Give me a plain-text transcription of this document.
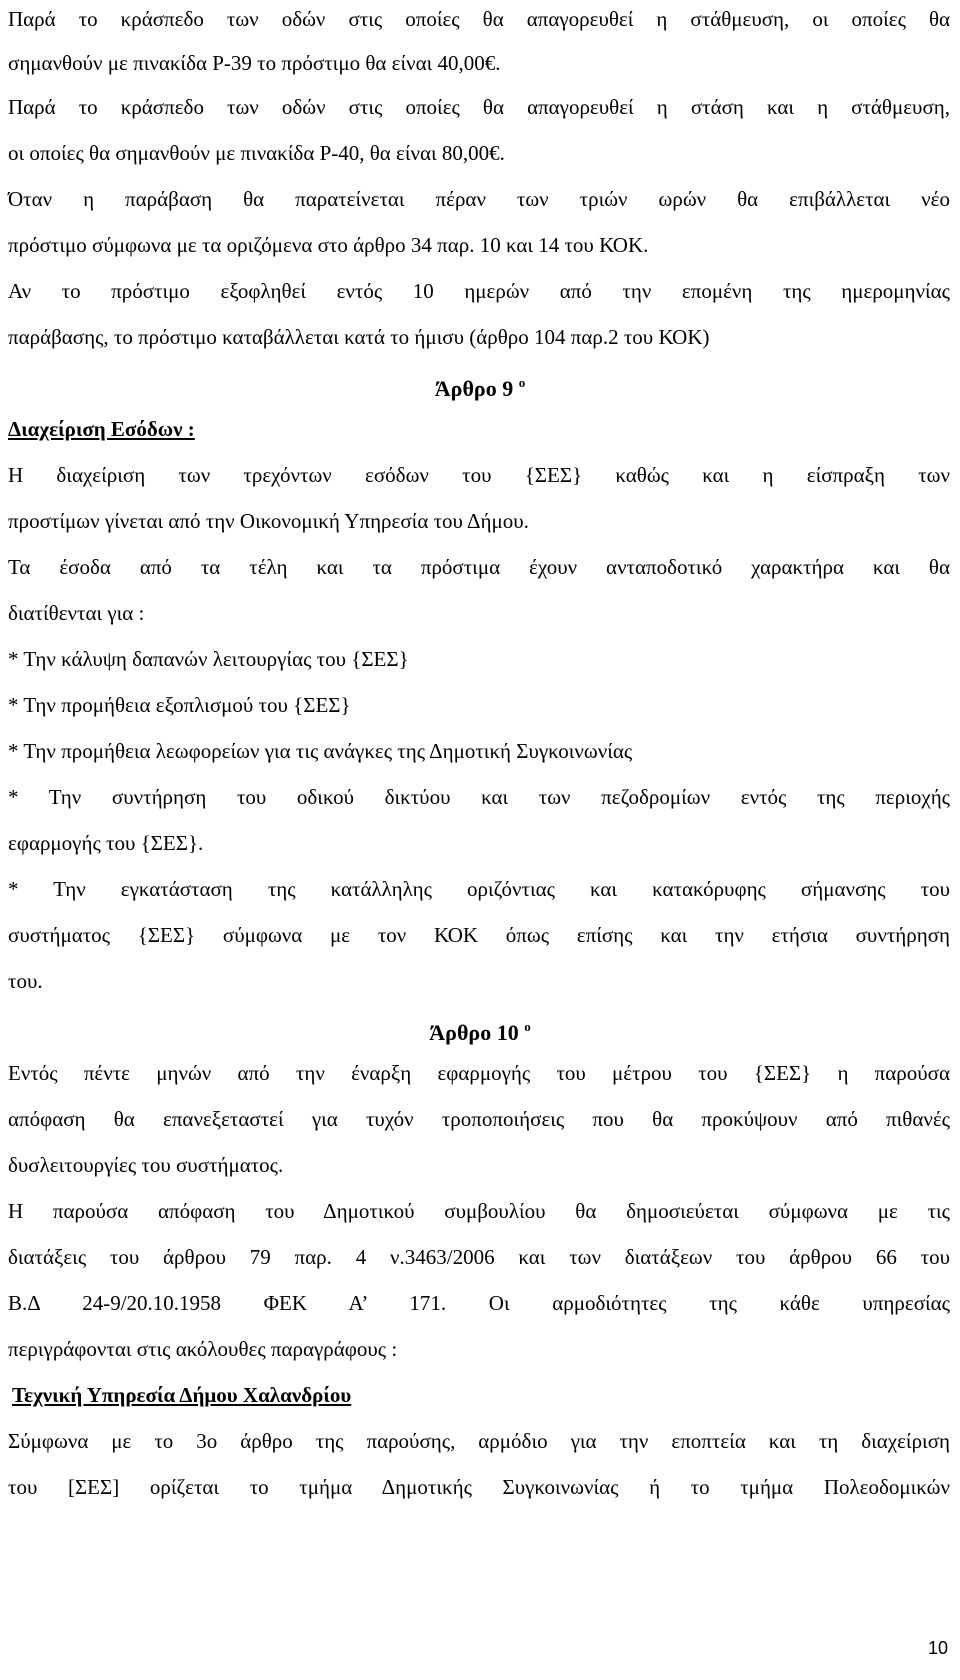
Παρά το κράσπεδο των οδών στις οποίες θα απαγορευθεί η στάθμευση, οι οποίες θα
σημανθούν με πινακίδα Ρ-39 το πρόστιμο θα είναι 40,00€.
Παρά το κράσπεδο των οδών στις οποίες θα απαγορευθεί η στάση και η στάθμευση,
οι οποίες θα σημανθούν με πινακίδα Ρ-40, θα είναι 80,00€.
Όταν η παράβαση θα παρατείνεται πέραν των τριών ωρών θα επιβάλλεται νέο
πρόστιμο σύμφωνα με τα οριζόμενα στο άρθρο 34 παρ. 10 και 14 του ΚΟΚ.
Αν το πρόστιμο εξοφληθεί εντός 10 ημερών από την επομένη της ημερομηνίας
παράβασης, το πρόστιμο καταβάλλεται κατά το ήμισυ (άρθρο 104 παρ.2 του ΚΟΚ)
Άρθρο 9 $^o$
Διαχείριση Εσόδων :
Η διαχείριση των τρεχόντων εσόδων του {ΣΕΣ} καθώς και η είσπραξη των
προστίμων γίνεται από την Οικονομική Υπηρεσία του Δήμου.
Τα έσοδα από τα τέλη και τα πρόστιμα έχουν ανταποδοτικό χαρακτήρα και θα
διατίθενται για :
* Την κάλυψη δαπανών λειτουργίας του {ΣΕΣ}
* Την προμήθεια εξοπλισμού του {ΣΕΣ}
* Την προμήθεια λεωφορείων για τις ανάγκες της Δημοτική Συγκοινωνίας
* Την συντήρηση του οδικού δικτύου και των πεζοδρομίων εντός της περιοχής
εφαρμογής του {ΣΕΣ}.
* Την εγκατάσταση της κατάλληλης οριζόντιας και κατακόρυφης σήμανσης του
συστήματος {ΣΕΣ} σύμφωνα με τον ΚΟΚ όπως επίσης και την ετήσια συντήρηση
του.
Άρθρο 10 $^o$
Εντός πέντε μηνών από την έναρξη εφαρμογής του μέτρου του {ΣΕΣ} η παρούσα
απόφαση θα επανεξεταστεί για τυχόν τροποποιήσεις που θα προκύψουν από πιθανές
δυσλειτουργίες του συστήματος.
Η παρούσα απόφαση του Δημοτικού συμβουλίου θα δημοσιεύεται σύμφωνα με τις
διατάξεις του άρθρου 79 παρ. 4 ν.3463/2006 και των διατάξεων του άρθρου 66 του
Β.Δ 24-9/20.10.1958 ΦΕΚ Α’ 171. Οι αρμοδιότητες της κάθε υπηρεσίας
περιγράφονται στις ακόλουθες παραγράφους :
Τεχνική Υπηρεσία Δήμου Χαλανδρίου
Σύμφωνα με το 3ο άρθρο της παρούσης, αρμόδιο για την εποπτεία και τη διαχείριση
του [ΣΕΣ] ορίζεται το τμήμα Δημοτικής Συγκοινωνίας ή το τμήμα Πολεοδομικών
10
